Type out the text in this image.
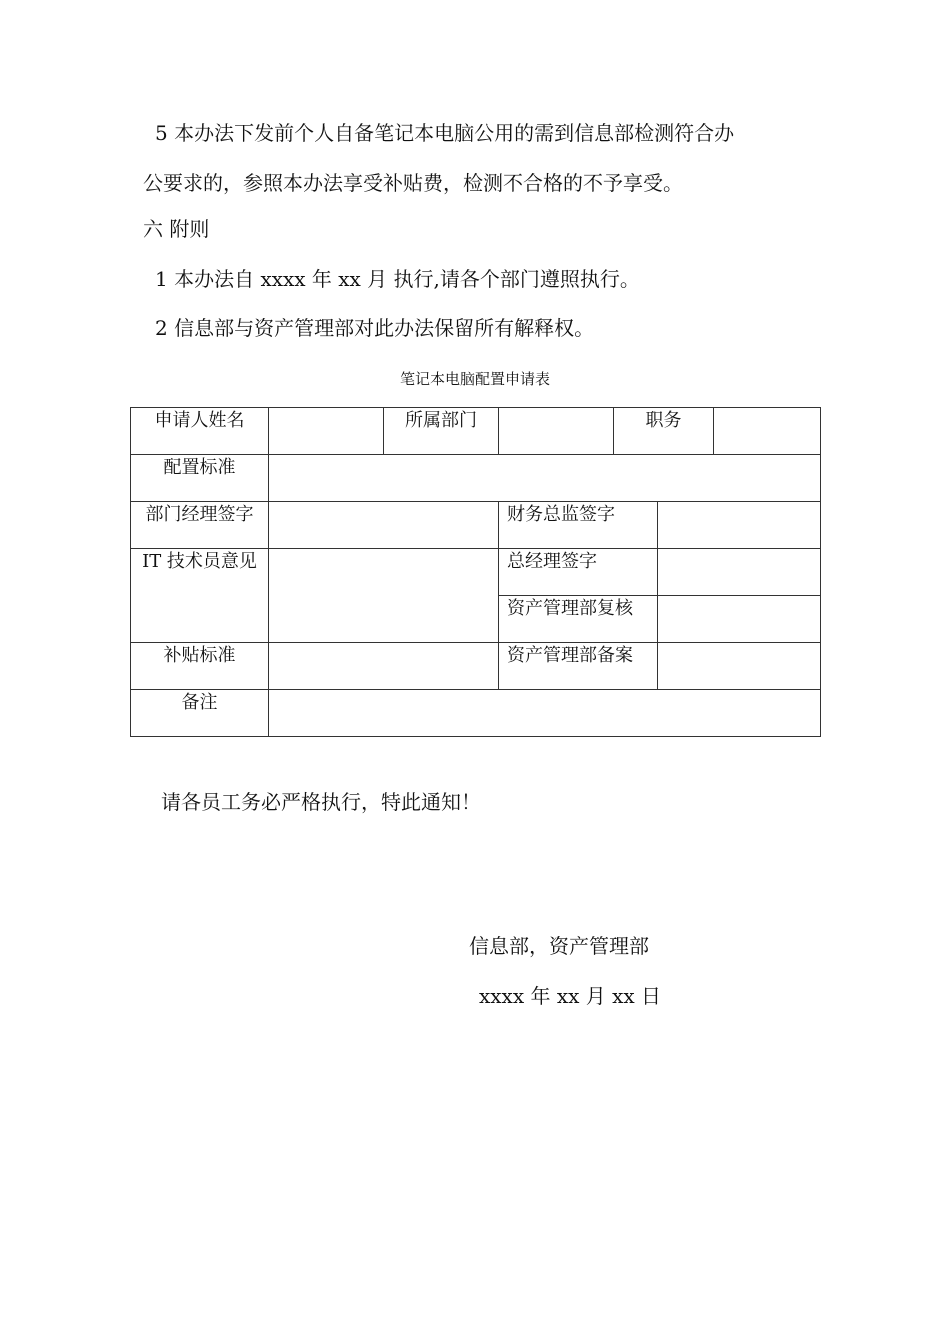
5 本办法下发前个人自备笔记本电脑公用的需到信息部检测符合办
公要求的，参照本办法享受补贴费，检测不合格的不予享受。
六 附则
1 本办法自 xxxx 年 xx 月 执行,请各个部门遵照执行。
2 信息部与资产管理部对此办法保留所有解释权。
笔记本电脑配置申请表
申请人姓名		所属部门		职务		

配置标准						

部门经理签字			财务总监签字			

IT 技术员意见			总经理签字			

			资产管理部复核			

补贴标准			资产管理部备案			

备注						

请各员工务必严格执行，特此通知！
信息部，资产管理部
xxxx 年 xx 月 xx 日
